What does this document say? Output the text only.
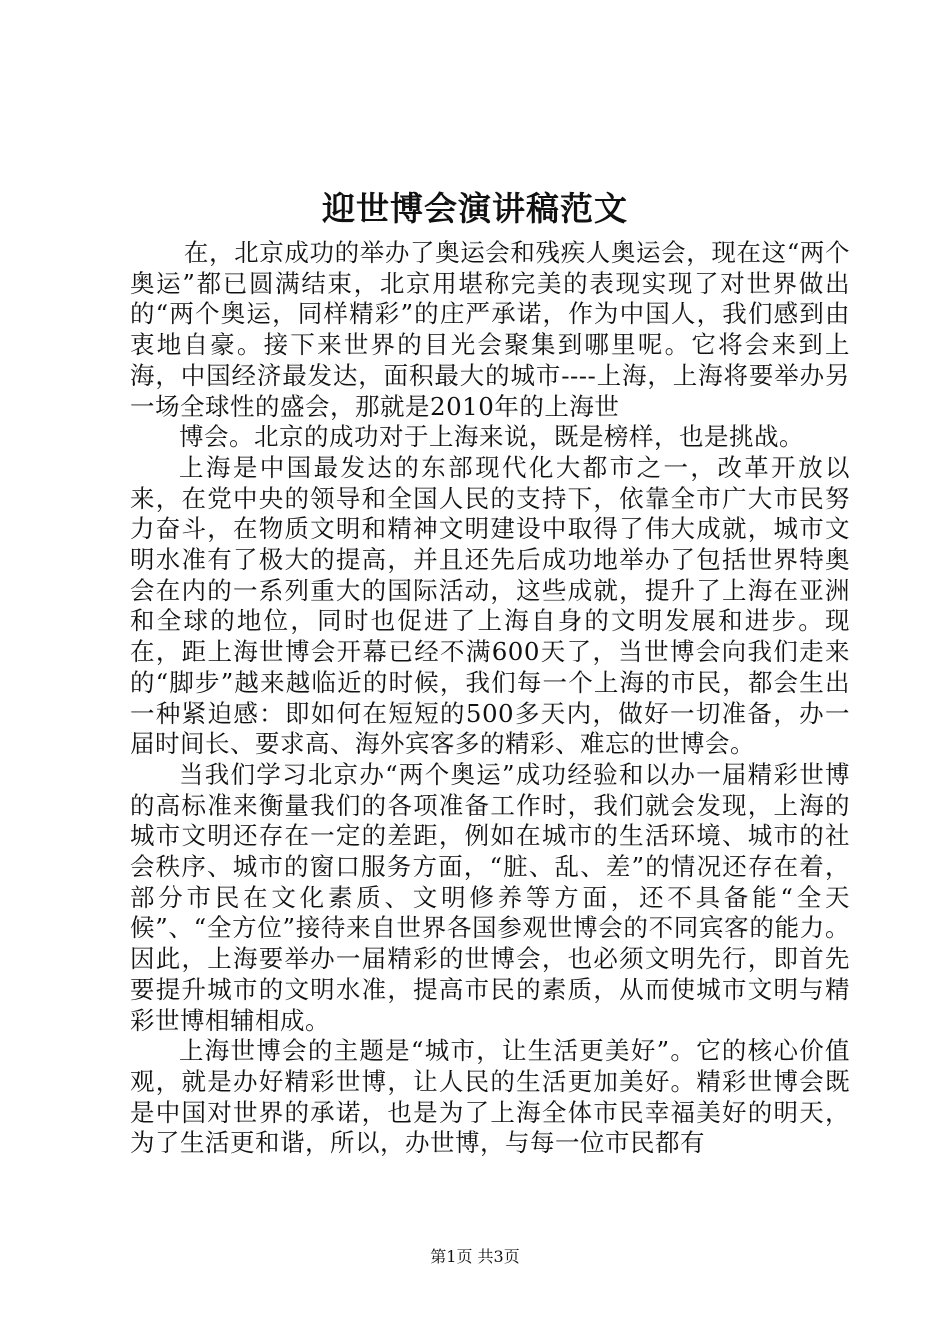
迎世博会演讲稿范文

在，北京成功的举办了奥运会和残疾人奥运会，现在这“两个奥运”都已圆满结束，北京用堪称完美的表现实现了对世界做出的“两个奥运，同样精彩”的庄严承诺，作为中国人，我们感到由衷地自豪。接下来世界的目光会聚集到哪里呢。它将会来到上海，中国经济最发达，面积最大的城市----上海，上海将要举办另一场全球性的盛会，那就是2010年的上海世

博会。北京的成功对于上海来说，既是榜样，也是挑战。

上海是中国最发达的东部现代化大都市之一，改革开放以来，在党中央的领导和全国人民的支持下，依靠全市广大市民努力奋斗，在物质文明和精神文明建设中取得了伟大成就，城市文明水准有了极大的提高，并且还先后成功地举办了包括世界特奥会在内的一系列重大的国际活动，这些成就，提升了上海在亚洲和全球的地位，同时也促进了上海自身的文明发展和进步。现在，距上海世博会开幕已经不满600天了，当世博会向我们走来的“脚步”越来越临近的时候，我们每一个上海的市民，都会生出一种紧迫感：即如何在短短的500多天内，做好一切准备，办一届时间长、要求高、海外宾客多的精彩、难忘的世博会。

当我们学习北京办“两个奥运”成功经验和以办一届精彩世博的高标准来衡量我们的各项准备工作时，我们就会发现，上海的城市文明还存在一定的差距，例如在城市的生活环境、城市的社会秩序、城市的窗口服务方面，“脏、乱、差”的情况还存在着，部分市民在文化素质、文明修养等方面，还不具备能“全天候”、“全方位”接待来自世界各国参观世博会的不同宾客的能力。因此，上海要举办一届精彩的世博会，也必须文明先行，即首先要提升城市的文明水准，提高市民的素质，从而使城市文明与精彩世博相辅相成。

上海世博会的主题是“城市，让生活更美好”。它的核心价值观，就是办好精彩世博，让人民的生活更加美好。精彩世博会既是中国对世界的承诺，也是为了上海全体市民幸福美好的明天，为了生活更和谐，所以，办世博，与每一位市民都有

第1页 共3页
